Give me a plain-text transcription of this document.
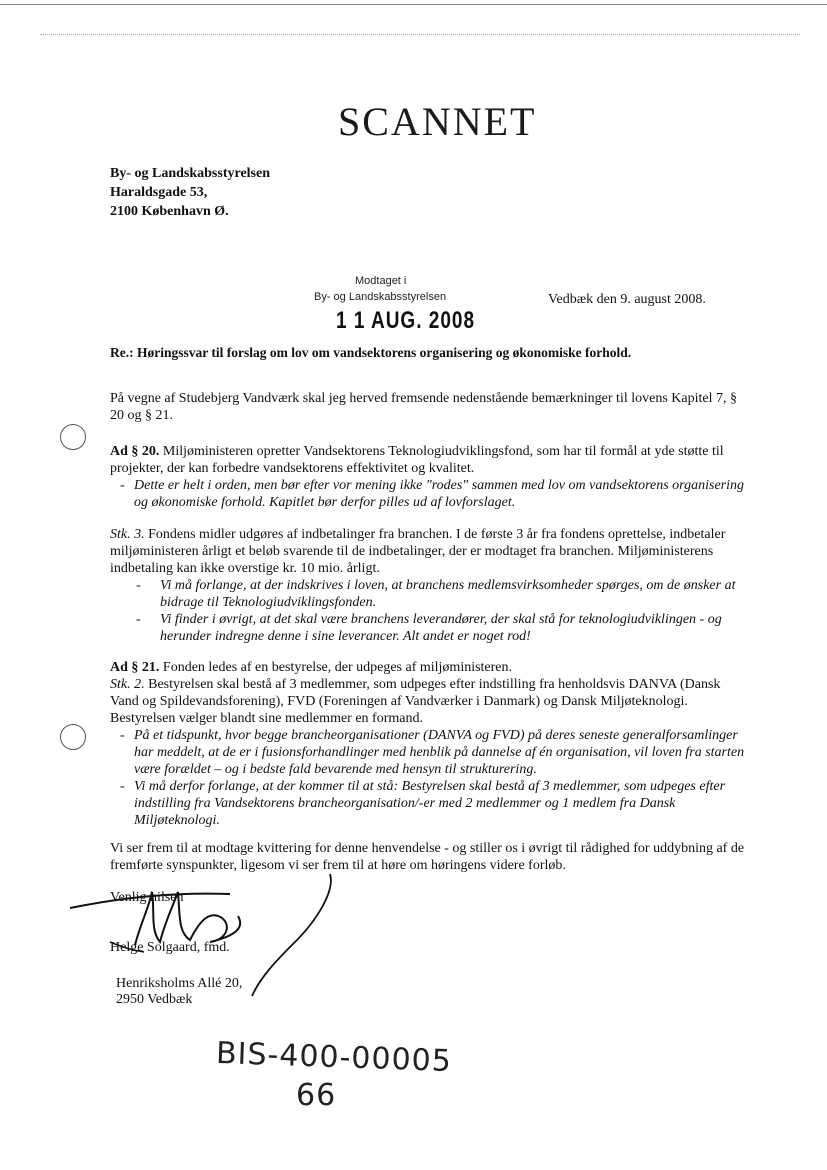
SCANNET
By- og Landskabsstyrelsen
Haraldsgade 53,
2100 København Ø.
Modtaget i
By- og Landskabsstyrelsen
1 1 AUG. 2008
Vedbæk den 9. august 2008.
Re.: Høringssvar til forslag om lov om vandsektorens organisering og økonomiske forhold.
På vegne af Studebjerg Vandværk skal jeg herved fremsende nedenstående bemærkninger til lovens Kapitel 7, § 20 og § 21.
Ad § 20. Miljøministeren opretter Vandsektorens Teknologiudviklingsfond, som har til formål at yde støtte til projekter, der kan forbedre vandsektorens effektivitet og kvalitet.
- Dette er helt i orden, men bør efter vor mening ikke "rodes" sammen med lov om vandsektorens organisering og økonomiske forhold. Kapitlet bør derfor pilles ud af lovforslaget.
Stk. 3. Fondens midler udgøres af indbetalinger fra branchen. I de første 3 år fra fondens oprettelse, indbetaler miljøministeren årligt et beløb svarende til de indbetalinger, der er modtaget fra branchen. Miljøministerens indbetaling kan ikke overstige kr. 10 mio. årligt.
- Vi må forlange, at der indskrives i loven, at branchens medlemsvirksomheder spørges, om de ønsker at bidrage til Teknologiudviklingsfonden.
- Vi finder i øvrigt, at det skal være branchens leverandører, der skal stå for teknologiudviklingen - og herunder indregne denne i sine leverancer. Alt andet er noget rod!
Ad § 21. Fonden ledes af en bestyrelse, der udpeges af miljøministeren.
Stk. 2. Bestyrelsen skal bestå af 3 medlemmer, som udpeges efter indstilling fra henholdsvis DANVA (Dansk Vand og Spildevandsforening), FVD (Foreningen af Vandværker i Danmark) og Dansk Miljøteknologi. Bestyrelsen vælger blandt sine medlemmer en formand.
- På et tidspunkt, hvor begge brancheorganisationer (DANVA og FVD) på deres seneste generalforsamlinger har meddelt, at de er i fusionsforhandlinger med henblik på dannelse af én organisation, vil loven fra starten være forældet – og i bedste fald bevarende med hensyn til strukturering.
- Vi må derfor forlange, at der kommer til at stå: Bestyrelsen skal bestå af 3 medlemmer, som udpeges efter indstilling fra Vandsektorens brancheorganisation/-er med 2 medlemmer og 1 medlem fra Dansk Miljøteknologi.
Vi ser frem til at modtage kvittering for denne henvendelse - og stiller os i øvrigt til rådighed for uddybning af de fremførte synspunkter, ligesom vi ser frem til at høre om høringens videre forløb.
Venlig hilsen
Helge Solgaard, fmd.
Henriksholms Allé 20,
2950 Vedbæk
BIS-400-00005
66
